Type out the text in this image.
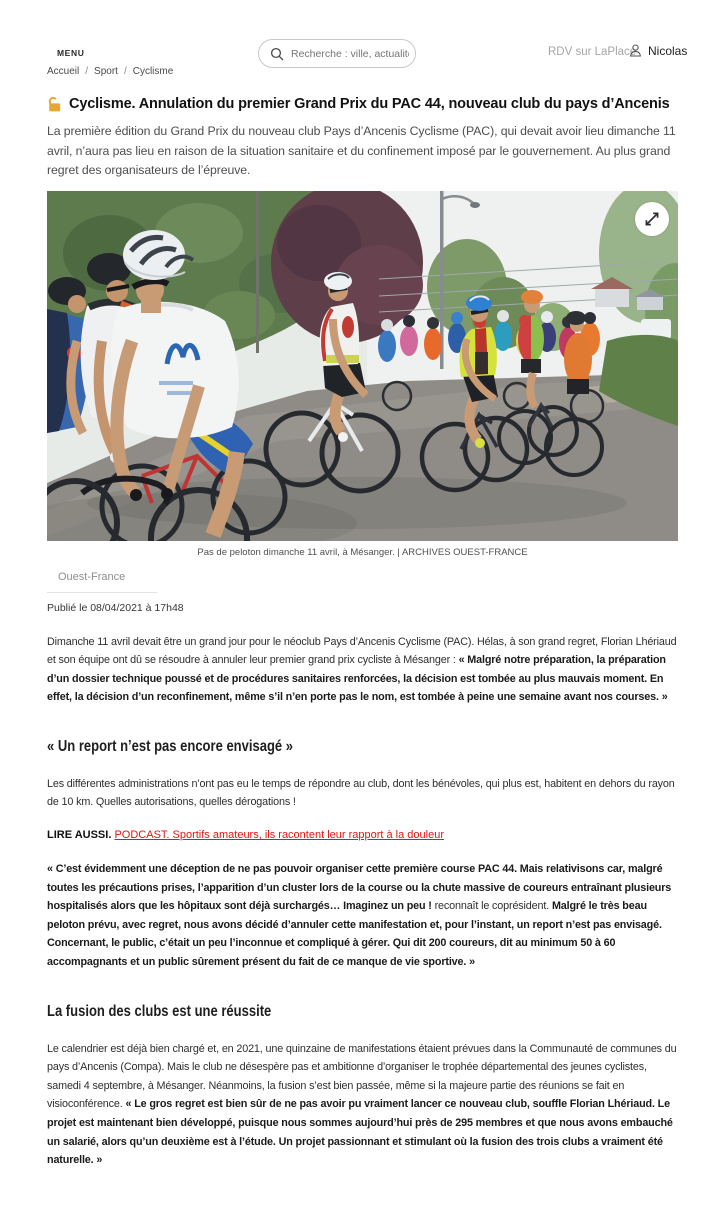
MENU
Recherche : ville, actualité,	RDV sur LaPlace Nicolas
Accueil / Sport / Cyclisme
Cyclisme. Annulation du premier Grand Prix du PAC 44, nouveau club du pays d’Ancenis

La première édition du Grand Prix du nouveau club Pays d’Ancenis Cyclisme (PAC), qui devait avoir lieu dimanche 11 avril, n’aura pas lieu en raison de la situation sanitaire et du confinement imposé par le gouvernement. Au plus grand regret des organisateurs de l’épreuve.

Pas de peloton dimanche 11 avril, à Mésanger. | ARCHIVES OUEST-FRANCE
Ouest-France
Publié le 08/04/2021 à 17h48

Dimanche 11 avril devait être un grand jour pour le néoclub Pays d’Ancenis Cyclisme (PAC). Hélas, à son grand regret, Florian Lhériaud et son équipe ont dû se résoudre à annuler leur premier grand prix cycliste à Mésanger : « Malgré notre préparation, la préparation d’un dossier technique poussé et de procédures sanitaires renforcées, la décision est tombée au plus mauvais moment. En effet, la décision d’un reconfinement, même s’il n’en porte pas le nom, est tombée à peine une semaine avant nos courses. »

« Un report n’est pas encore envisagé »

Les différentes administrations n’ont pas eu le temps de répondre au club, dont les bénévoles, qui plus est, habitent en dehors du rayon de 10 km. Quelles autorisations, quelles dérogations !

LIRE AUSSI. PODCAST. Sportifs amateurs, ils racontent leur rapport à la douleur

« C’est évidemment une déception de ne pas pouvoir organiser cette première course PAC 44. Mais relativisons car, malgré toutes les précautions prises, l’apparition d’un cluster lors de la course ou la chute massive de coureurs entraînant plusieurs hospitalisés alors que les hôpitaux sont déjà surchargés… Imaginez un peu ! reconnaît le coprésident. Malgré le très beau peloton prévu, avec regret, nous avons décidé d’annuler cette manifestation et, pour l’instant, un report n’est pas envisagé. Concernant, le public, c’était un peu l’inconnue et compliqué à gérer. Qui dit 200 coureurs, dit au minimum 50 à 60 accompagnants et un public sûrement présent du fait de ce manque de vie sportive. »

La fusion des clubs est une réussite

Le calendrier est déjà bien chargé et, en 2021, une quinzaine de manifestations étaient prévues dans la Communauté de communes du pays d’Ancenis (Compa). Mais le club ne désespère pas et ambitionne d’organiser le trophée départemental des jeunes cyclistes, samedi 4 septembre, à Mésanger. Néanmoins, la fusion s’est bien passée, même si la majeure partie des réunions se fait en visioconférence. « Le gros regret est bien sûr de ne pas avoir pu vraiment lancer ce nouveau club, souffle Florian Lhériaud. Le projet est maintenant bien développé, puisque nous sommes aujourd’hui près de 295 membres et que nous avons embauché un salarié, alors qu’un deuxième est à l’étude. Un projet passionnant et stimulant où la fusion des trois clubs a vraiment été naturelle. »
